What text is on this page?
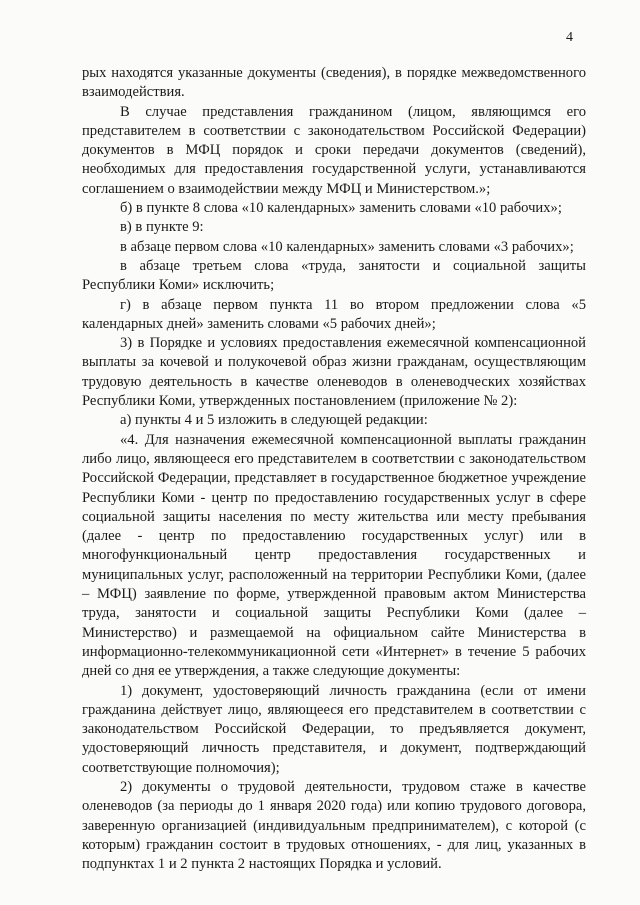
4

рых находятся указанные документы (сведения), в порядке межведомственного взаимодействия.

В случае представления гражданином (лицом, являющимся его представителем в соответствии с законодательством Российской Федерации) документов в МФЦ порядок и сроки передачи документов (сведений), необходимых для предоставления государственной услуги, устанавливаются соглашением о взаимодействии между МФЦ и Министерством.»;

б) в пункте 8 слова «10 календарных» заменить словами «10 рабочих»;

в) в пункте 9:

в абзаце первом слова «10 календарных» заменить словами «3 рабочих»;

в абзаце третьем слова «труда, занятости и социальной защиты Республики Коми» исключить;

г) в абзаце первом пункта 11 во втором предложении слова «5 календарных дней» заменить словами «5 рабочих дней»;

3) в Порядке и условиях предоставления ежемесячной компенсационной выплаты за кочевой и полукочевой образ жизни гражданам, осуществляющим трудовую деятельность в качестве оленеводов в оленеводческих хозяйствах Республики Коми, утвержденных постановлением (приложение № 2):

а) пункты 4 и 5 изложить в следующей редакции:

«4. Для назначения ежемесячной компенсационной выплаты гражданин либо лицо, являющееся его представителем в соответствии с законодательством Российской Федерации, представляет в государственное бюджетное учреждение Республики Коми - центр по предоставлению государственных услуг в сфере социальной защиты населения по месту жительства или месту пребывания (далее - центр по предоставлению государственных услуг) или в многофункциональный центр предоставления государственных и муниципальных услуг, расположенный на территории Республики Коми, (далее – МФЦ) заявление по форме, утвержденной правовым актом Министерства труда, занятости и социальной защиты Республики Коми (далее – Министерство) и размещаемой на официальном сайте Министерства в информационно-телекоммуникационной сети «Интернет» в течение 5 рабочих дней со дня ее утверждения, а также следующие документы:

1) документ, удостоверяющий личность гражданина (если от имени гражданина действует лицо, являющееся его представителем в соответствии с законодательством Российской Федерации, то предъявляется документ, удостоверяющий личность представителя, и документ, подтверждающий соответствующие полномочия);

2) документы о трудовой деятельности, трудовом стаже в качестве оленеводов (за периоды до 1 января 2020 года) или копию трудового договора, заверенную организацией (индивидуальным предпринимателем), с которой (с которым) гражданин состоит в трудовых отношениях, - для лиц, указанных в подпунктах 1 и 2 пункта 2 настоящих Порядка и условий.
